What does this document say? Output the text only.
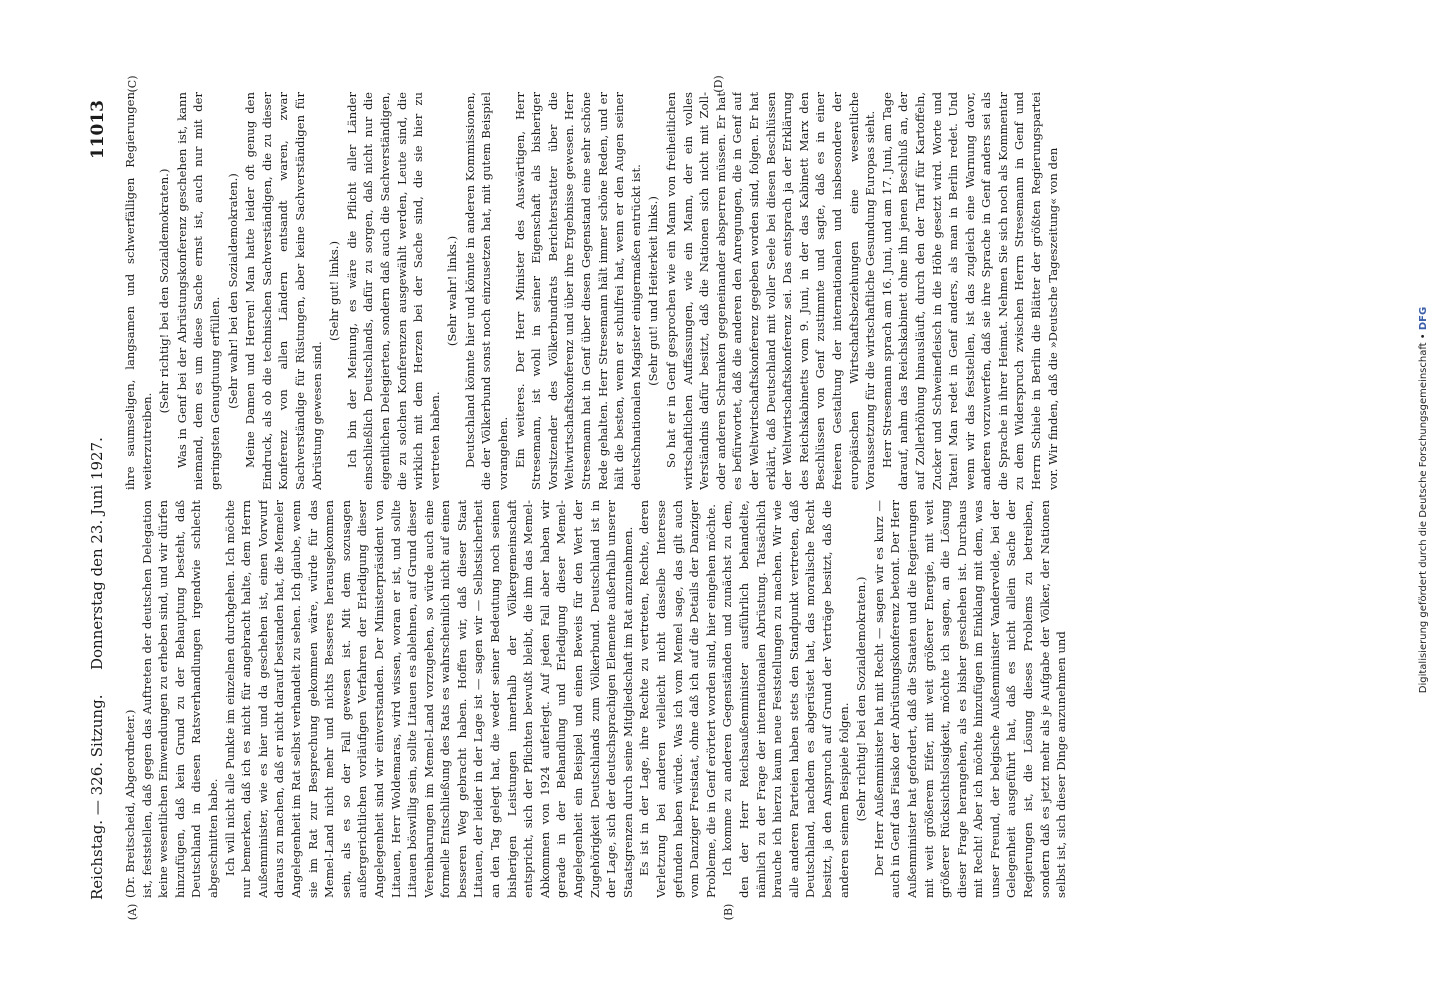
Reichstag. — 326. Sitzung.
Donnerstag den 23. Juni 1927.
11013
(A)	(B)
(C)	(D)

(Dr. Breitscheid, Abgeordneter.) ist, feststellen, daß gegen das Auftreten der deutschen Delegation keine wesentlichen Einwendungen zu erheben sind, und wir dürfen hinzufügen, daß kein Grund zu der Behauptung besteht, daß Deutschland in diesen Ratsverhandlungen irgendwie schlecht abgeschnitten habe. Ich will nicht alle Punkte im einzelnen durchgehen. Ich möchte nur bemerken, daß ich es nicht für angebracht halte, dem Herrn Außenminister, wie es hier und da geschehen ist, einen Vorwurf daraus zu machen, daß er nicht darauf bestanden hat, die Memeler Angelegenheit im Rat selbst verhandelt zu sehen. Ich glaube, wenn sie im Rat zur Besprechung gekommen wäre, würde für das Memel-Land nicht mehr und nichts Besseres herausgekommen sein, als es so der Fall gewesen ist. Mit dem sozusagen außergerichtlichen vorläufigen Verfahren der Erledigung dieser Angelegenheit sind wir einverstanden. Der Ministerpräsident von Litauen, Herr Woldemaras, wird wissen, woran er ist, und sollte Litauen böswillig sein, sollte Litauen es ablehnen, auf Grund dieser Vereinbarungen im Memel-Land vorzugehen, so würde auch eine formelle Entschließung des Rats es wahrscheinlich nicht auf einen besseren Weg gebracht haben. Hoffen wir, daß dieser Staat Litauen, der leider in der Lage ist — sagen wir — Selbstsicherheit an den Tag gelegt hat, die weder seiner Bedeutung noch seinen bisherigen Leistungen innerhalb der Völkergemeinschaft entspricht, sich der Pflichten bewußt bleibt, die ihm das Memel-Abkommen von 1924 auferlegt. Auf jeden Fall aber haben wir gerade in der Behandlung und Erledigung dieser Memel-Angelegenheit ein Beispiel und einen Beweis für den Wert der Zugehörigkeit Deutschlands zum Völkerbund. Deutschland ist in der Lage, sich der deutschsprachigen Elemente außerhalb unserer Staatsgrenzen durch seine Mitgliedschaft im Rat anzunehmen. Es ist in der Lage, ihre Rechte zu vertreten, Rechte, deren Verletzung bei anderen vielleicht nicht dasselbe Interesse gefunden haben würde. Was ich vom Memel sage, das gilt auch vom Danziger Freistaat, ohne daß ich auf die Details der Danziger Probleme, die in Genf erörtert worden sind, hier eingehen möchte. Ich komme zu anderen Gegenständen und zunächst zu dem, den der Herr Reichsaußenminister ausführlich behandelte, nämlich zu der Frage der internationalen Abrüstung. Tatsächlich brauche ich hierzu kaum neue Feststellungen zu machen. Wir wie alle anderen Parteien haben stets den Standpunkt vertreten, daß Deutschland, nachdem es abgerüstet hat, das moralische Recht besitzt, ja den Anspruch auf Grund der Verträge besitzt, daß die anderen seinem Beispiele folgen. (Sehr richtig! bei den Sozialdemokraten.) Der Herr Außenminister hat mit Recht — sagen wir es kurz — auch in Genf das Fiasko der Abrüstungskonferenz betont. Der Herr Außenminister hat gefordert, daß die Staaten und die Regierungen mit weit größerem Eifer, mit weit größerer Energie, mit weit größerer Rücksichtslosigkeit, möchte ich sagen, an die Lösung dieser Frage herangehen, als es bisher geschehen ist. Durchaus mit Recht! Aber ich möchte hinzufügen im Einklang mit dem, was unser Freund, der belgische Außenminister Vandervelde, bei der Gelegenheit ausgeführt hat, daß es nicht allein Sache der Regierungen ist, die Lösung dieses Problems zu betreiben, sondern daß es jetzt mehr als je Aufgabe der Völker, der Nationen selbst ist, sich dieser Dinge anzunehmen und

ihre saumseligen, langsamen und schwerfälligen Regierungen weiterzutreiben.

(Sehr richtig! bei den Sozialdemokraten.) Was in Genf bei der Abrüstungskonferenz geschehen ist, kann niemand, dem es um diese Sache ernst ist, auch nur mit der geringsten Genugtuung erfüllen. (Sehr wahr! bei den Sozialdemokraten.) Meine Damen und Herren! Man hatte leider oft genug den Eindruck, als ob die technischen Sachverständigen, die zu dieser Konferenz von allen Ländern entsandt waren, zwar Sachverständige für Rüstungen, aber keine Sachverständigen für Abrüstung gewesen sind.

(Sehr gut! links.) Ich bin der Meinung, es wäre die Pflicht aller Länder einschließlich Deutschlands, dafür zu sorgen, daß nicht nur die eigentlichen Delegierten, sondern daß auch die Sachverständigen, die zu solchen Konferenzen ausgewählt werden, Leute sind, die wirklich mit dem Herzen bei der Sache sind, die sie hier zu vertreten haben.

(Sehr wahr! links.) Deutschland könnte hier und könnte in anderen Kommissionen, die der Völkerbund sonst noch einzusetzen hat, mit gutem Beispiel vorangehen. Ein weiteres. Der Herr Minister des Auswärtigen, Herr Stresemann, ist wohl in seiner Eigenschaft als bisheriger Vorsitzender des Völkerbundrats Berichterstatter über die Weltwirtschaftskonferenz und über ihre Ergebnisse gewesen. Herr Stresemann hat in Genf über diesen Gegenstand eine sehr schöne Rede gehalten. Herr Stresemann hält immer schöne Reden, und er hält die besten, wenn er schulfrei hat, wenn er den Augen seiner deutschnationalen Magister einigermaßen entrückt ist. (Sehr gut! und Heiterkeit links.) So hat er in Genf gesprochen wie ein Mann von freiheitlichen wirtschaftlichen Auffassungen, wie ein Mann, der ein volles Verständnis dafür besitzt, daß die Nationen sich nicht mit Zoll- oder anderen Schranken gegeneinander absperren müssen. Er hat es befürwortet, daß die anderen den Anregungen, die in Genf auf der Weltwirtschaftskonferenz gegeben worden sind, folgen. Er hat erklärt, daß Deutschland mit voller Seele bei diesen Beschlüssen der Weltwirtschaftskonferenz sei. Das entsprach ja der Erklärung des Reichskabinetts vom 9. Juni, in der das Kabinett Marx den Beschlüssen von Genf zustimmte und sagte, daß es in einer freieren Gestaltung der internationalen und insbesondere der europäischen Wirtschaftsbeziehungen eine wesentliche Voraussetzung für die wirtschaftliche Gesundung Europas sieht. Herr Stresemann sprach am 16. Juni, und am 17. Juni, am Tage darauf, nahm das Reichskabinett ohne ihn jenen Beschluß an, der auf Zollerhöhung hinausläuft, durch den der Tarif für Kartoffeln, Zucker und Schweinefleisch in die Höhe gesetzt wird. Worte und Taten! Man redet in Genf anders, als man in Berlin redet. Und wenn wir das feststellen, ist das zugleich eine Warnung davor, anderen vorzuwerfen, daß sie ihre Sprache in Genf anders sei als die Sprache in ihrer Heimat. Nehmen Sie sich noch als Kommentar zu dem Widerspruch zwischen Herrn Stresemann in Genf und Herrn Schiele in Berlin die Blätter der größten Regierungspartei vor. Wir finden, daß die »Deutsche Tageszeitung« von den

Digitalisierung gefördert durch die Deutsche Forschungsgemeinschaft • DFG
